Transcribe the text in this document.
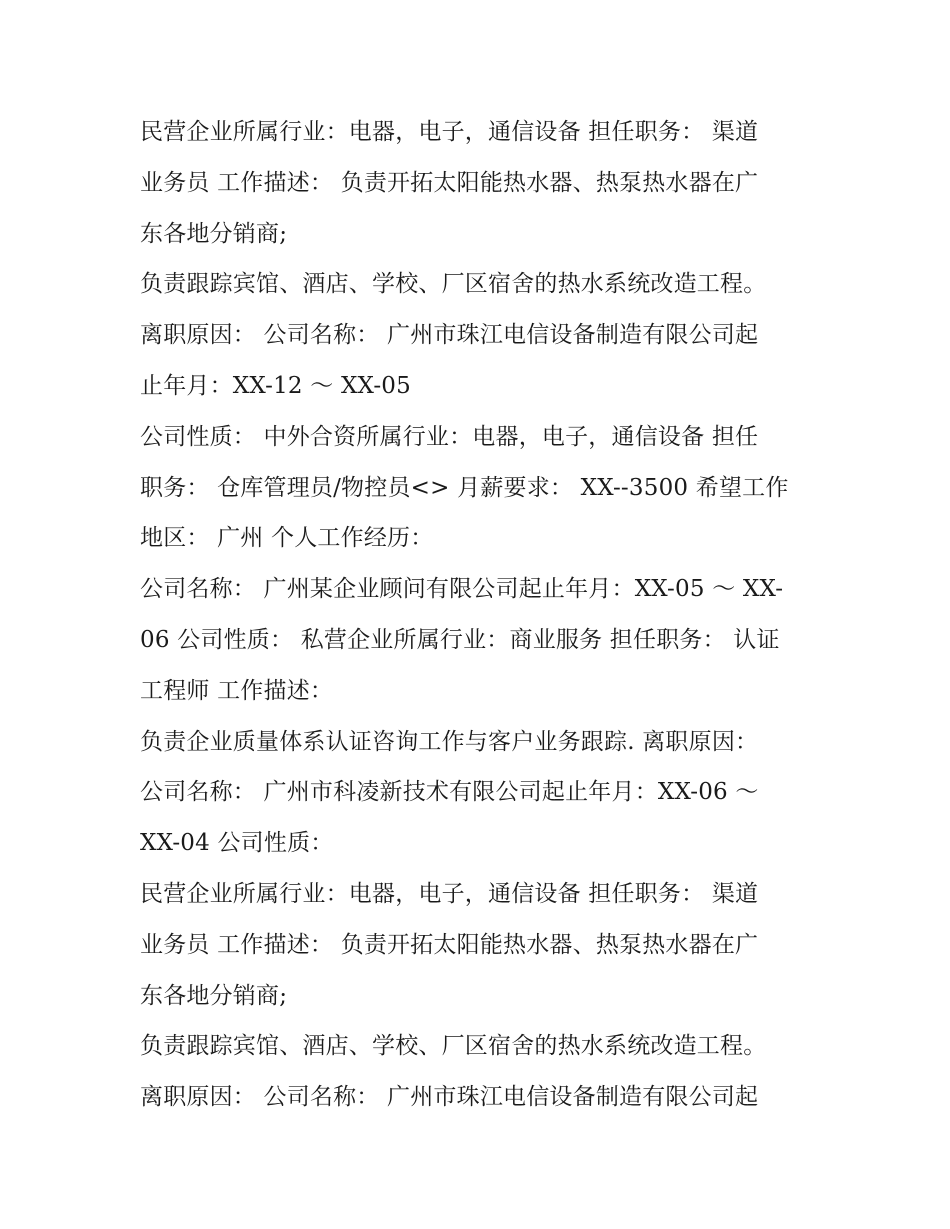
民营企业所属行业：电器，电子，通信设备 担任职务： 渠道

业务员 工作描述： 负责开拓太阳能热水器、热泵热水器在广

东各地分销商;

负责跟踪宾馆、酒店、学校、厂区宿舍的热水系统改造工程。

离职原因： 公司名称： 广州市珠江电信设备制造有限公司起

止年月：XX-12 ～ XX-05

公司性质： 中外合资所属行业：电器，电子，通信设备 担任

职务： 仓库管理员/物控员<> 月薪要求： XX--3500 希望工作

地区： 广州 个人工作经历：

公司名称： 广州某企业顾问有限公司起止年月：XX-05 ～ XX-

06 公司性质： 私营企业所属行业：商业服务 担任职务： 认证

工程师 工作描述：

负责企业质量体系认证咨询工作与客户业务跟踪. 离职原因：

公司名称： 广州市科凌新技术有限公司起止年月：XX-06 ～

XX-04 公司性质：

民营企业所属行业：电器，电子，通信设备 担任职务： 渠道

业务员 工作描述： 负责开拓太阳能热水器、热泵热水器在广

东各地分销商;

负责跟踪宾馆、酒店、学校、厂区宿舍的热水系统改造工程。

离职原因： 公司名称： 广州市珠江电信设备制造有限公司起
